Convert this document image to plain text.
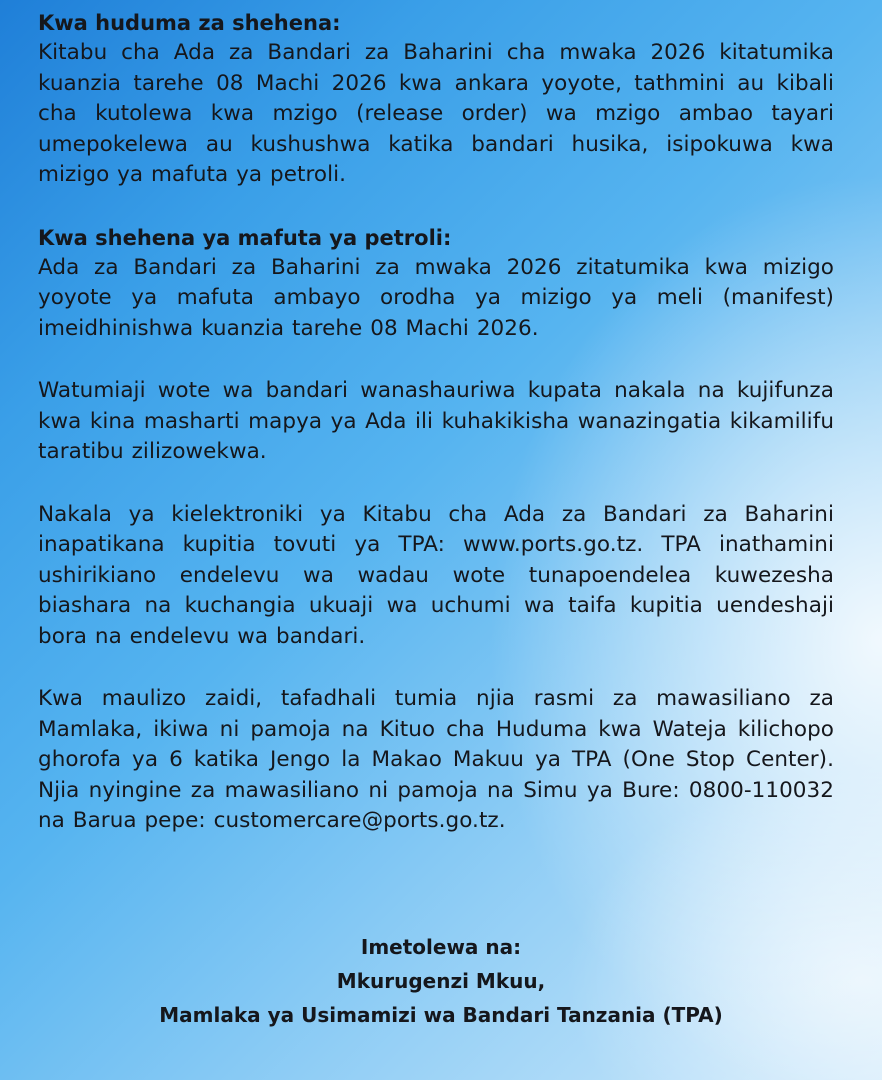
Kwa huduma za shehena:

Kitabu cha Ada za Bandari za Baharini cha mwaka 2026 kitatumika kuanzia tarehe 08 Machi 2026 kwa ankara yoyote, tathmini au kibali cha kutolewa kwa mzigo (release order) wa mzigo ambao tayari umepokelewa au kushushwa katika bandari husika, isipokuwa kwa mizigo ya mafuta ya petroli.

Kwa shehena ya mafuta ya petroli:

Ada za Bandari za Baharini za mwaka 2026 zitatumika kwa mizigo yoyote ya mafuta ambayo orodha ya mizigo ya meli (manifest) imeidhinishwa kuanzia tarehe 08 Machi 2026.

Watumiaji wote wa bandari wanashauriwa kupata nakala na kujifunza kwa kina masharti mapya ya Ada ili kuhakikisha wanazingatia kikamilifu taratibu zilizowekwa.

Nakala ya kielektroniki ya Kitabu cha Ada za Bandari za Baharini inapatikana kupitia tovuti ya TPA: www.ports.go.tz. TPA inathamini ushirikiano endelevu wa wadau wote tunapoendelea kuwezesha biashara na kuchangia ukuaji wa uchumi wa taifa kupitia uendeshaji bora na endelevu wa bandari.

Kwa maulizo zaidi, tafadhali tumia njia rasmi za mawasiliano za Mamlaka, ikiwa ni pamoja na Kituo cha Huduma kwa Wateja kilichopo ghorofa ya 6 katika Jengo la Makao Makuu ya TPA (One Stop Center). Njia nyingine za mawasiliano ni pamoja na Simu ya Bure: 0800-110032 na Barua pepe: customercare@ports.go.tz.

Imetolewa na:
Mkurugenzi Mkuu,
Mamlaka ya Usimamizi wa Bandari Tanzania (TPA)
